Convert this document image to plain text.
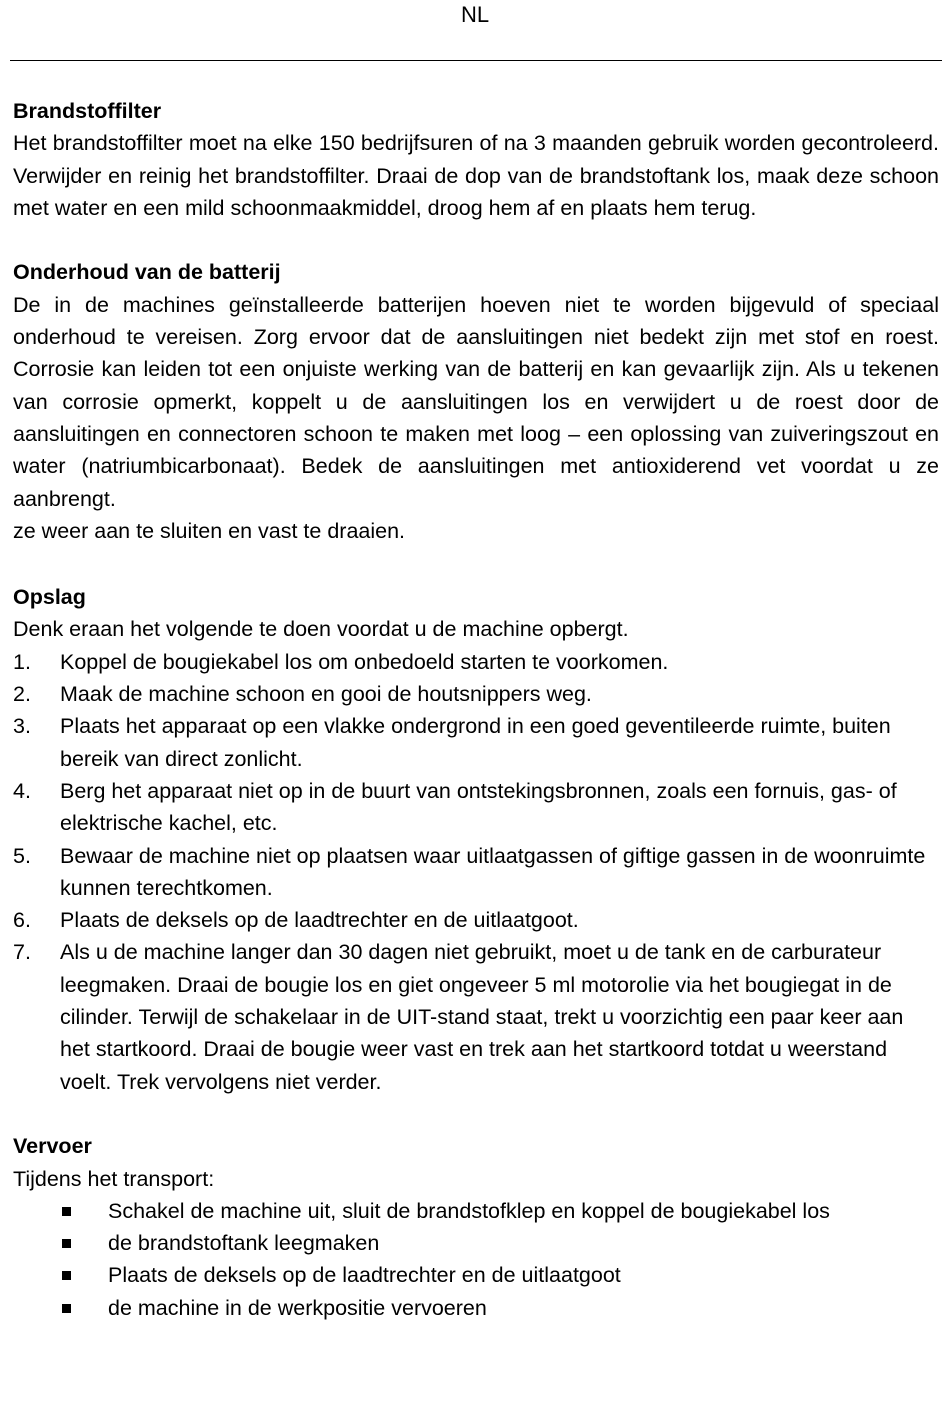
NL

Brandstoffilter

Het brandstoffilter moet na elke 150 bedrijfsuren of na 3 maanden gebruik worden gecontroleerd. Verwijder en reinig het brandstoffilter. Draai de dop van de brandstoftank los, maak deze schoon met water en een mild schoonmaakmiddel, droog hem af en plaats hem terug.

Onderhoud van de batterij

De in de machines geïnstalleerde batterijen hoeven niet te worden bijgevuld of speciaal onderhoud te vereisen. Zorg ervoor dat de aansluitingen niet bedekt zijn met stof en roest. Corrosie kan leiden tot een onjuiste werking van de batterij en kan gevaarlijk zijn. Als u tekenen van corrosie opmerkt, koppelt u de aansluitingen los en verwijdert u de roest door de aansluitingen en connectoren schoon te maken met loog – een oplossing van zuiveringszout en water (natriumbicarbonaat). Bedek de aansluitingen met antioxiderend vet voordat u ze aanbrengt.

ze weer aan te sluiten en vast te draaien.

Opslag

Denk eraan het volgende te doen voordat u de machine opbergt.

1. Koppel de bougiekabel los om onbedoeld starten te voorkomen.
2. Maak de machine schoon en gooi de houtsnippers weg.
3. Plaats het apparaat op een vlakke ondergrond in een goed geventileerde ruimte, buiten bereik van direct zonlicht.
4. Berg het apparaat niet op in de buurt van ontstekingsbronnen, zoals een fornuis, gas- of elektrische kachel, etc.
5. Bewaar de machine niet op plaatsen waar uitlaatgassen of giftige gassen in de woonruimte kunnen terechtkomen.
6. Plaats de deksels op de laadtrechter en de uitlaatgoot.
7. Als u de machine langer dan 30 dagen niet gebruikt, moet u de tank en de carburateur leegmaken. Draai de bougie los en giet ongeveer 5 ml motorolie via het bougiegat in de cilinder. Terwijl de schakelaar in de UIT-stand staat, trekt u voorzichtig een paar keer aan het startkoord. Draai de bougie weer vast en trek aan het startkoord totdat u weerstand voelt. Trek vervolgens niet verder.

Vervoer

Tijdens het transport:

Schakel de machine uit, sluit de brandstofklep en koppel de bougiekabel los
de brandstoftank leegmaken
Plaats de deksels op de laadtrechter en de uitlaatgoot
de machine in de werkpositie vervoeren
